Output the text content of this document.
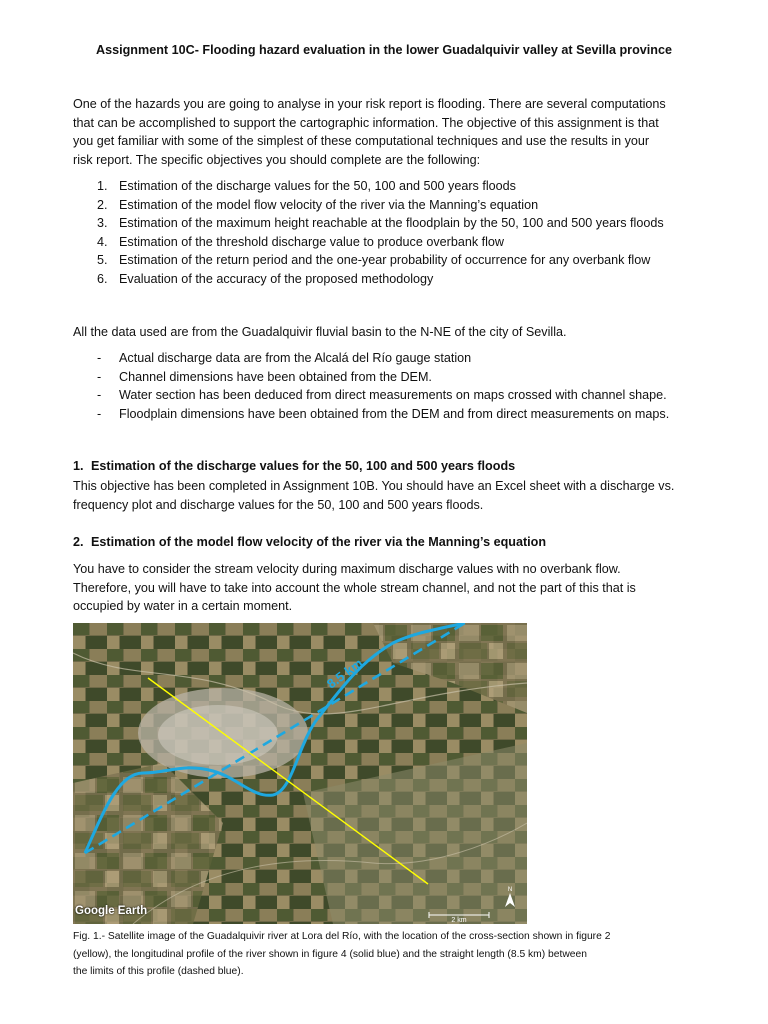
Assignment 10C- Flooding hazard evaluation in the lower Guadalquivir valley at Sevilla province
One of the hazards you are going to analyse in your risk report is flooding. There are several computations
that can be accomplished to support the cartographic information. The objective of this assignment is that
you get familiar with some of the simplest of these computational techniques and use the results in your
risk report. The specific objectives you should complete are the following:
1. Estimation of the discharge values for the 50, 100 and 500 years floods
2. Estimation of the model flow velocity of the river via the Manning’s equation
3. Estimation of the maximum height reachable at the floodplain by the 50, 100 and 500 years floods
4. Estimation of the threshold discharge value to produce overbank flow
5. Estimation of the return period and the one-year probability of occurrence for any overbank flow
6. Evaluation of the accuracy of the proposed methodology
All the data used are from the Guadalquivir fluvial basin to the N-NE of the city of Sevilla.
- Actual discharge data are from the Alcalá del Río gauge station
- Channel dimensions have been obtained from the DEM.
- Water section has been deduced from direct measurements on maps crossed with channel shape.
- Floodplain dimensions have been obtained from the DEM and from direct measurements on maps.
1. Estimation of the discharge values for the 50, 100 and 500 years floods
This objective has been completed in Assignment 10B. You should have an Excel sheet with a discharge vs.
frequency plot and discharge values for the 50, 100 and 500 years floods.
2. Estimation of the model flow velocity of the river via the Manning’s equation
You have to consider the stream velocity during maximum discharge values with no overbank flow.
Therefore, you will have to take into account the whole stream channel, and not the part of this that is
occupied by water in a certain moment.
8.5 km
2 km
N
Google Earth
Fig. 1.- Satellite image of the Guadalquivir river at Lora del Río, with the location of the cross-section shown in figure 2
(yellow), the longitudinal profile of the river shown in figure 4 (solid blue) and the straight length (8.5 km) between
the limits of this profile (dashed blue).
